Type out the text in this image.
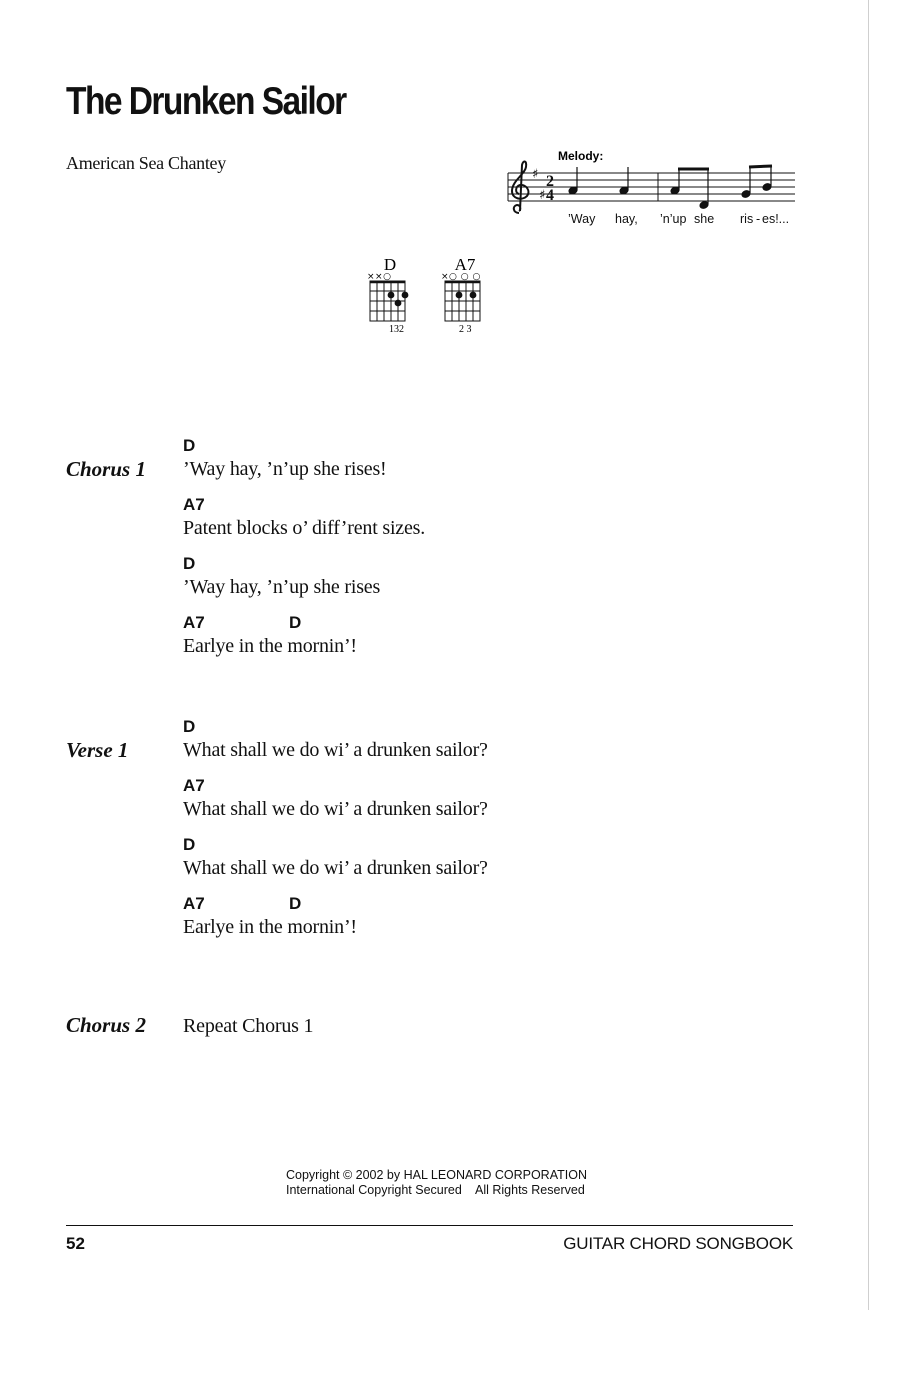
The Drunken Sailor
American Sea Chantey	Melody:
♯
♯
2
4
’Way hay, ’n’up she ris - es!...
D
××○
132
A7
×○ ○ ○
2 3
Chorus 1
D
’Way hay, ’n’up she rises!
A7
Patent blocks o’ diff’rent sizes.
D
’Way hay, ’n’up she rises
A7	D
Earlye in the mornin’!
Verse 1
D
What shall we do wi’ a drunken sailor?
A7
What shall we do wi’ a drunken sailor?
D
What shall we do wi’ a drunken sailor?
A7	D
Earlye in the mornin’!
Chorus 2 Repeat Chorus 1
Copyright © 2002 by HAL LEONARD CORPORATION
International Copyright Secured    All Rights Reserved
52	GUITAR CHORD SONGBOOK
